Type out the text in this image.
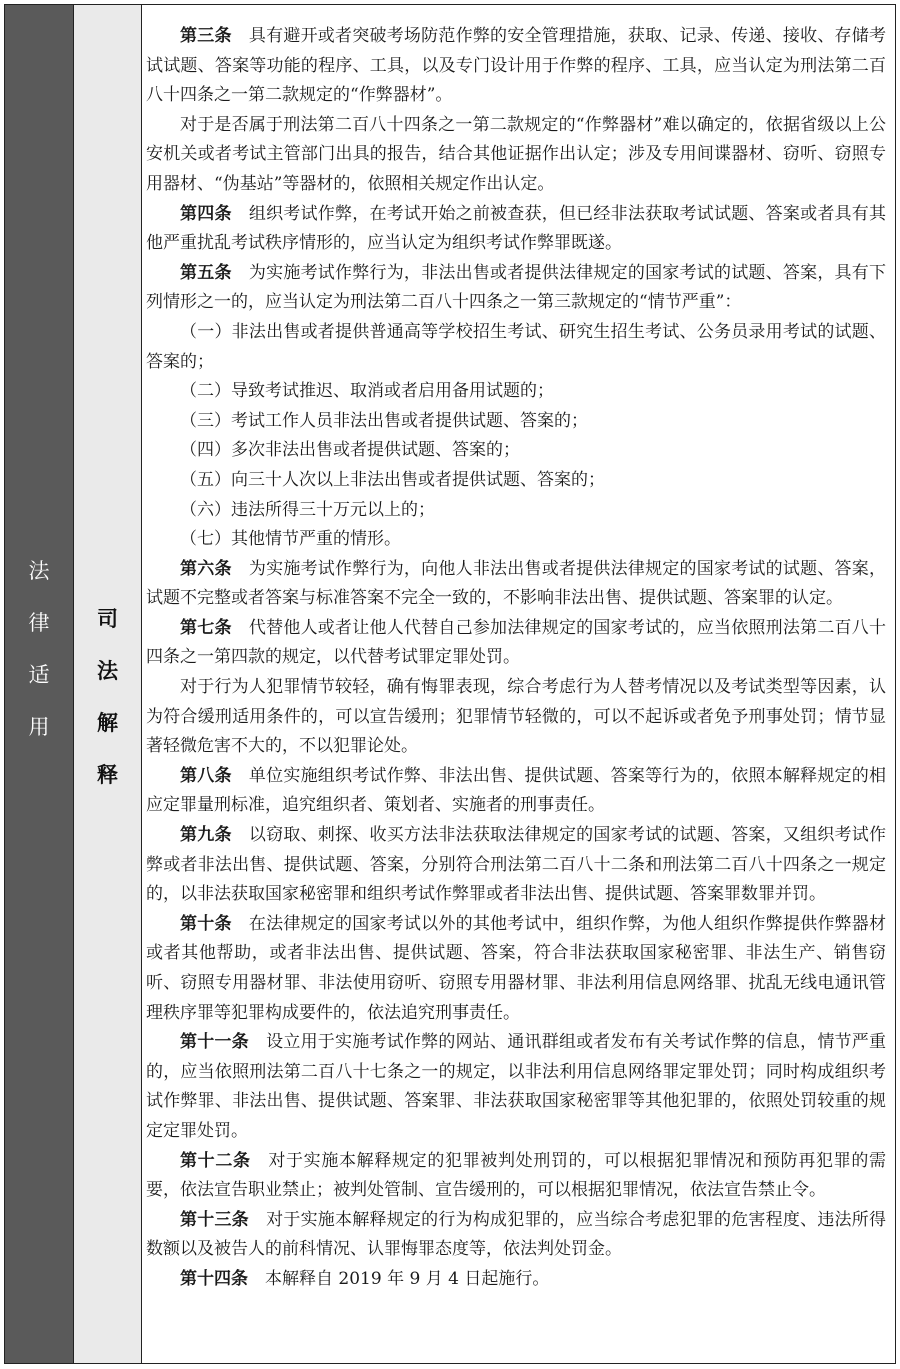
法
律
适
用
司
法
解
释

第三条　具有避开或者突破考场防范作弊的安全管理措施，获取、记录、传递、接收、存储考试试题、答案等功能的程序、工具，以及专门设计用于作弊的程序、工具，应当认定为刑法第二百八十四条之一第二款规定的“作弊器材”。

对于是否属于刑法第二百八十四条之一第二款规定的“作弊器材”难以确定的，依据省级以上公安机关或者考试主管部门出具的报告，结合其他证据作出认定；涉及专用间谍器材、窃听、窃照专用器材、“伪基站”等器材的，依照相关规定作出认定。

第四条　组织考试作弊，在考试开始之前被查获，但已经非法获取考试试题、答案或者具有其他严重扰乱考试秩序情形的，应当认定为组织考试作弊罪既遂。

第五条　为实施考试作弊行为，非法出售或者提供法律规定的国家考试的试题、答案，具有下列情形之一的，应当认定为刑法第二百八十四条之一第三款规定的“情节严重”：

（一）非法出售或者提供普通高等学校招生考试、研究生招生考试、公务员录用考试的试题、答案的；

（二）导致考试推迟、取消或者启用备用试题的；

（三）考试工作人员非法出售或者提供试题、答案的；

（四）多次非法出售或者提供试题、答案的；

（五）向三十人次以上非法出售或者提供试题、答案的；

（六）违法所得三十万元以上的；

（七）其他情节严重的情形。

第六条　为实施考试作弊行为，向他人非法出售或者提供法律规定的国家考试的试题、答案，试题不完整或者答案与标准答案不完全一致的，不影响非法出售、提供试题、答案罪的认定。

第七条　代替他人或者让他人代替自己参加法律规定的国家考试的，应当依照刑法第二百八十四条之一第四款的规定，以代替考试罪定罪处罚。

对于行为人犯罪情节较轻，确有悔罪表现，综合考虑行为人替考情况以及考试类型等因素，认为符合缓刑适用条件的，可以宣告缓刑；犯罪情节轻微的，可以不起诉或者免予刑事处罚；情节显著轻微危害不大的，不以犯罪论处。

第八条　单位实施组织考试作弊、非法出售、提供试题、答案等行为的，依照本解释规定的相应定罪量刑标准，追究组织者、策划者、实施者的刑事责任。

第九条　以窃取、刺探、收买方法非法获取法律规定的国家考试的试题、答案，又组织考试作弊或者非法出售、提供试题、答案，分别符合刑法第二百八十二条和刑法第二百八十四条之一规定的，以非法获取国家秘密罪和组织考试作弊罪或者非法出售、提供试题、答案罪数罪并罚。

第十条　在法律规定的国家考试以外的其他考试中，组织作弊，为他人组织作弊提供作弊器材或者其他帮助，或者非法出售、提供试题、答案，符合非法获取国家秘密罪、非法生产、销售窃听、窃照专用器材罪、非法使用窃听、窃照专用器材罪、非法利用信息网络罪、扰乱无线电通讯管理秩序罪等犯罪构成要件的，依法追究刑事责任。

第十一条　设立用于实施考试作弊的网站、通讯群组或者发布有关考试作弊的信息，情节严重的，应当依照刑法第二百八十七条之一的规定，以非法利用信息网络罪定罪处罚；同时构成组织考试作弊罪、非法出售、提供试题、答案罪、非法获取国家秘密罪等其他犯罪的，依照处罚较重的规定定罪处罚。

第十二条　对于实施本解释规定的犯罪被判处刑罚的，可以根据犯罪情况和预防再犯罪的需要，依法宣告职业禁止；被判处管制、宣告缓刑的，可以根据犯罪情况，依法宣告禁止令。

第十三条　对于实施本解释规定的行为构成犯罪的，应当综合考虑犯罪的危害程度、违法所得数额以及被告人的前科情况、认罪悔罪态度等，依法判处罚金。

第十四条　本解释自 2019 年 9 月 4 日起施行。
